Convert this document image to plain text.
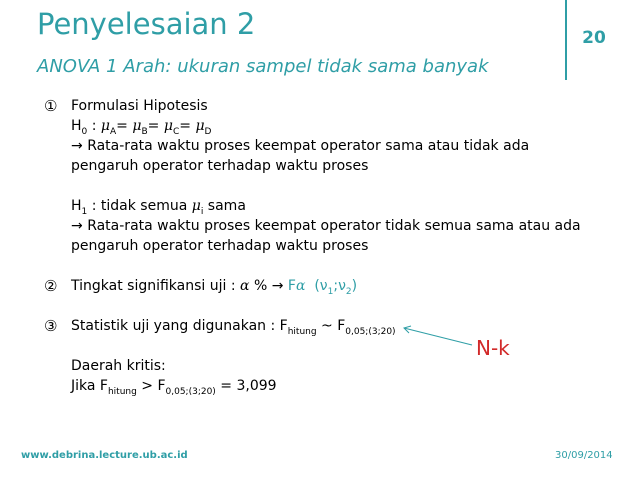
Penyelesaian 2
ANOVA 1 Arah: ukuran sampel tidak sama banyak
20
① Formulasi Hipotesis
$H_0$ : $\mu_A= \mu_B= \mu_C= \mu_D$
→ Rata-rata waktu proses keempat operator sama atau tidak ada pengaruh operator terhadap waktu proses
$H_1$ : tidak semua $\mu_i$ sama
→ Rata-rata waktu proses keempat operator tidak semua sama atau ada pengaruh operator terhadap waktu proses
② Tingkat signifikansi uji : α % → Fα $(\nu_1;\nu_2)$
③ Statistik uji yang digunakan : $F_{hitung}$ ~ $F_{0,05;(3;20)}$
Daerah kritis:
Jika $F_{hitung} > F_{0,05;(3;20)} = 3,099$
N-k
www.debrina.lecture.ub.ac.id	30/09/2014
